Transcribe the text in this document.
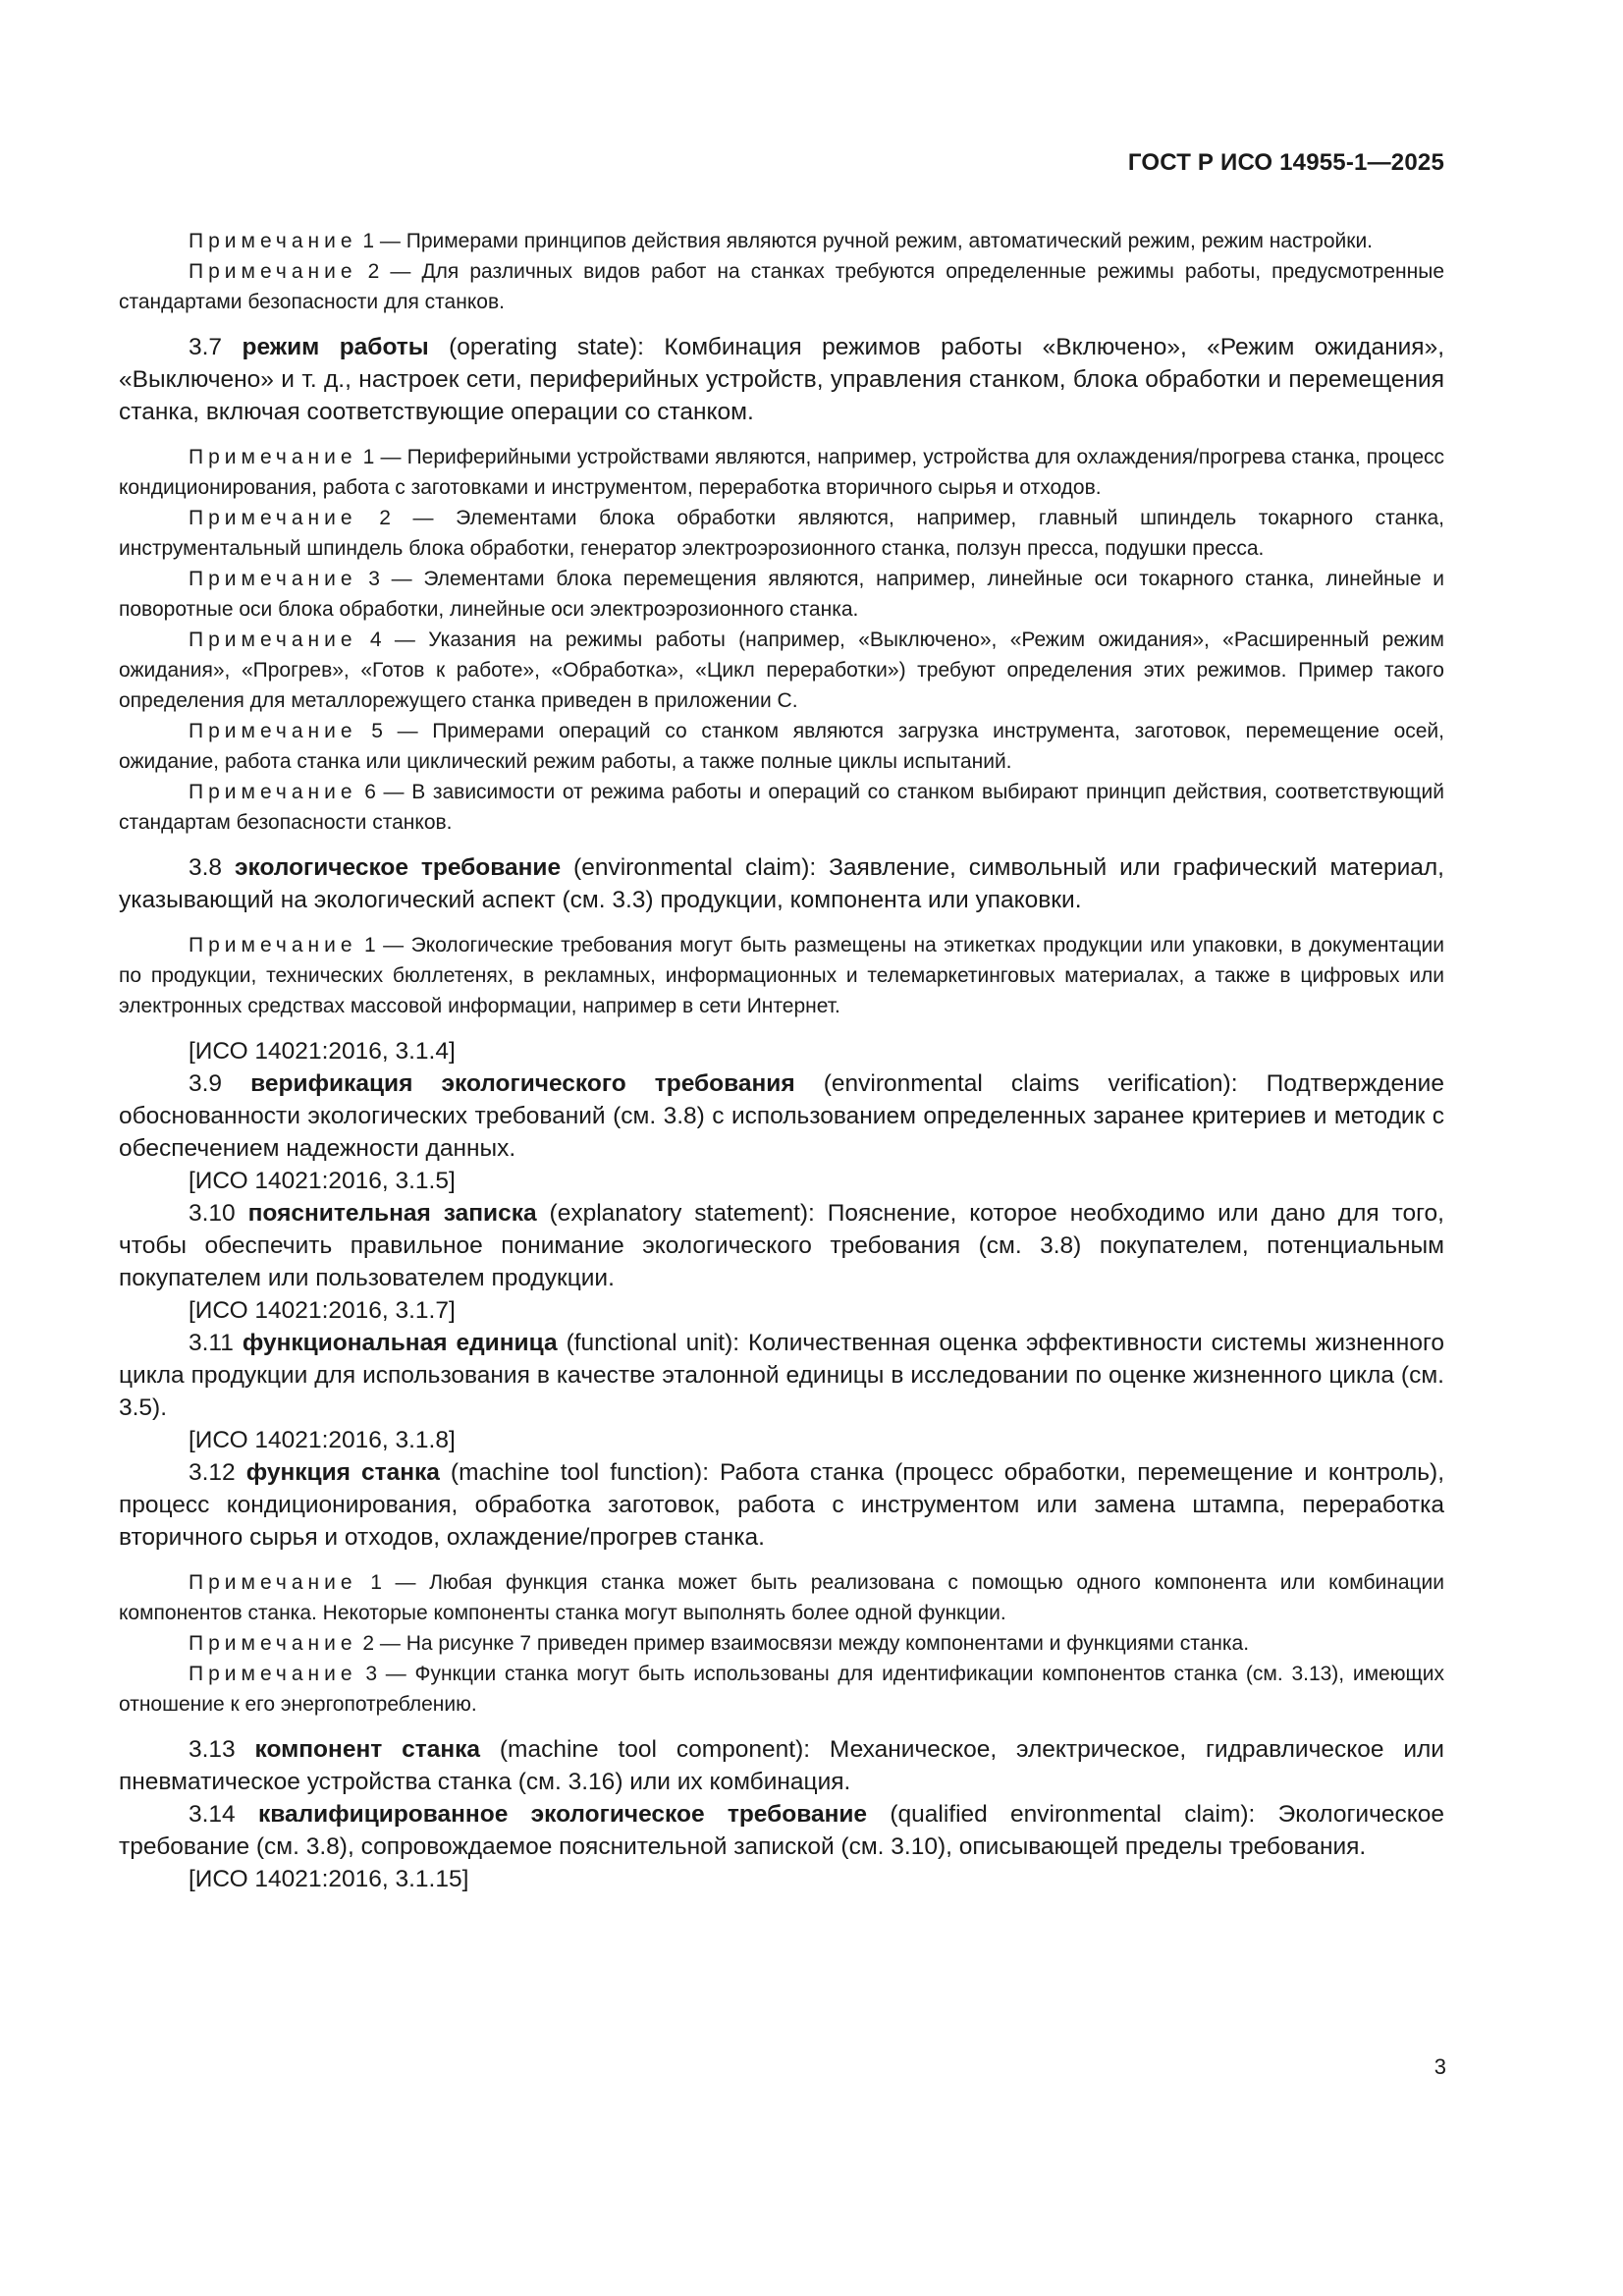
ГОСТ Р ИСО 14955-1—2025

Примечание 1 — Примерами принципов действия являются ручной режим, автоматический режим, режим настройки.

Примечание 2 — Для различных видов работ на станках требуются определенные режимы работы, предусмотренные стандартами безопасности для станков.

3.7 режим работы (operating state): Комбинация режимов работы «Включено», «Режим ожидания», «Выключено» и т. д., настроек сети, периферийных устройств, управления станком, блока обработки и перемещения станка, включая соответствующие операции со станком.

Примечание 1 — Периферийными устройствами являются, например, устройства для охлаждения/прогрева станка, процесс кондиционирования, работа с заготовками и инструментом, переработка вторичного сырья и отходов.

Примечание 2 — Элементами блока обработки являются, например, главный шпиндель токарного станка, инструментальный шпиндель блока обработки, генератор электроэрозионного станка, ползун пресса, подушки пресса.

Примечание 3 — Элементами блока перемещения являются, например, линейные оси токарного станка, линейные и поворотные оси блока обработки, линейные оси электроэрозионного станка.

Примечание 4 — Указания на режимы работы (например, «Выключено», «Режим ожидания», «Расширенный режим ожидания», «Прогрев», «Готов к работе», «Обработка», «Цикл переработки») требуют определения этих режимов. Пример такого определения для металлорежущего станка приведен в приложении С.

Примечание 5 — Примерами операций со станком являются загрузка инструмента, заготовок, перемещение осей, ожидание, работа станка или циклический режим работы, а также полные циклы испытаний.

Примечание 6 — В зависимости от режима работы и операций со станком выбирают принцип действия, соответствующий стандартам безопасности станков.

3.8 экологическое требование (environmental claim): Заявление, символьный или графический материал, указывающий на экологический аспект (см. 3.3) продукции, компонента или упаковки.

Примечание 1 — Экологические требования могут быть размещены на этикетках продукции или упаковки, в документации по продукции, технических бюллетенях, в рекламных, информационных и телемаркетинговых материалах, а также в цифровых или электронных средствах массовой информации, например в сети Интернет.

[ИСО 14021:2016, 3.1.4]

3.9 верификация экологического требования (environmental claims verification): Подтверждение обоснованности экологических требований (см. 3.8) с использованием определенных заранее критериев и методик с обеспечением надежности данных.

[ИСО 14021:2016, 3.1.5]

3.10 пояснительная записка (explanatory statement): Пояснение, которое необходимо или дано для того, чтобы обеспечить правильное понимание экологического требования (см. 3.8) покупателем, потенциальным покупателем или пользователем продукции.

[ИСО 14021:2016, 3.1.7]

3.11 функциональная единица (functional unit): Количественная оценка эффективности системы жизненного цикла продукции для использования в качестве эталонной единицы в исследовании по оценке жизненного цикла (см. 3.5).

[ИСО 14021:2016, 3.1.8]

3.12 функция станка (machine tool function): Работа станка (процесс обработки, перемещение и контроль), процесс кондиционирования, обработка заготовок, работа с инструментом или замена штампа, переработка вторичного сырья и отходов, охлаждение/прогрев станка.

Примечание 1 — Любая функция станка может быть реализована с помощью одного компонента или комбинации компонентов станка. Некоторые компоненты станка могут выполнять более одной функции.

Примечание 2 — На рисунке 7 приведен пример взаимосвязи между компонентами и функциями станка.

Примечание 3 — Функции станка могут быть использованы для идентификации компонентов станка (см. 3.13), имеющих отношение к его энергопотреблению.

3.13 компонент станка (machine tool component): Механическое, электрическое, гидравлическое или пневматическое устройства станка (см. 3.16) или их комбинация.

3.14 квалифицированное экологическое требование (qualified environmental claim): Экологическое требование (см. 3.8), сопровождаемое пояснительной запиской (см. 3.10), описывающей пределы требования.

[ИСО 14021:2016, 3.1.15]

3
